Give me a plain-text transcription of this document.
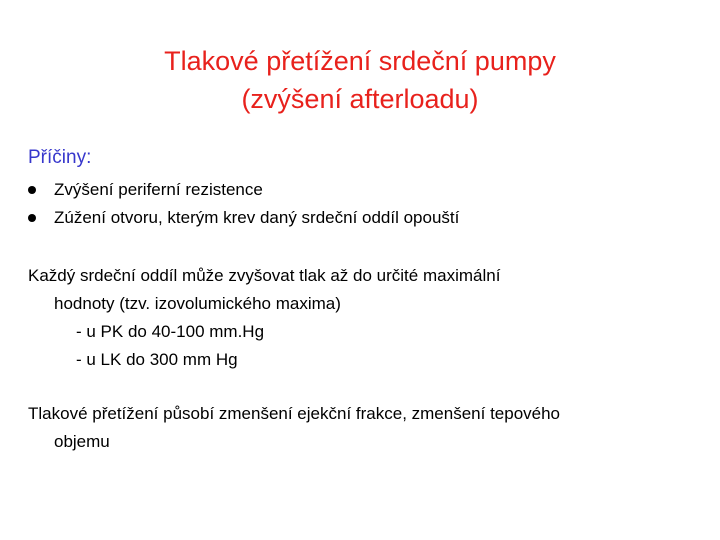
Tlakové přetížení srdeční pumpy
(zvýšení afterloadu)
Příčiny:
Zvýšení periferní rezistence
Zúžení otvoru, kterým krev daný srdeční oddíl opouští
Každý srdeční oddíl může zvyšovat tlak až do určité maximální
hodnoty (tzv. izovolumického maxima)
- u PK do 40-100 mm.Hg
- u LK do 300 mm Hg
Tlakové přetížení působí zmenšení ejekční frakce, zmenšení tepového
objemu
